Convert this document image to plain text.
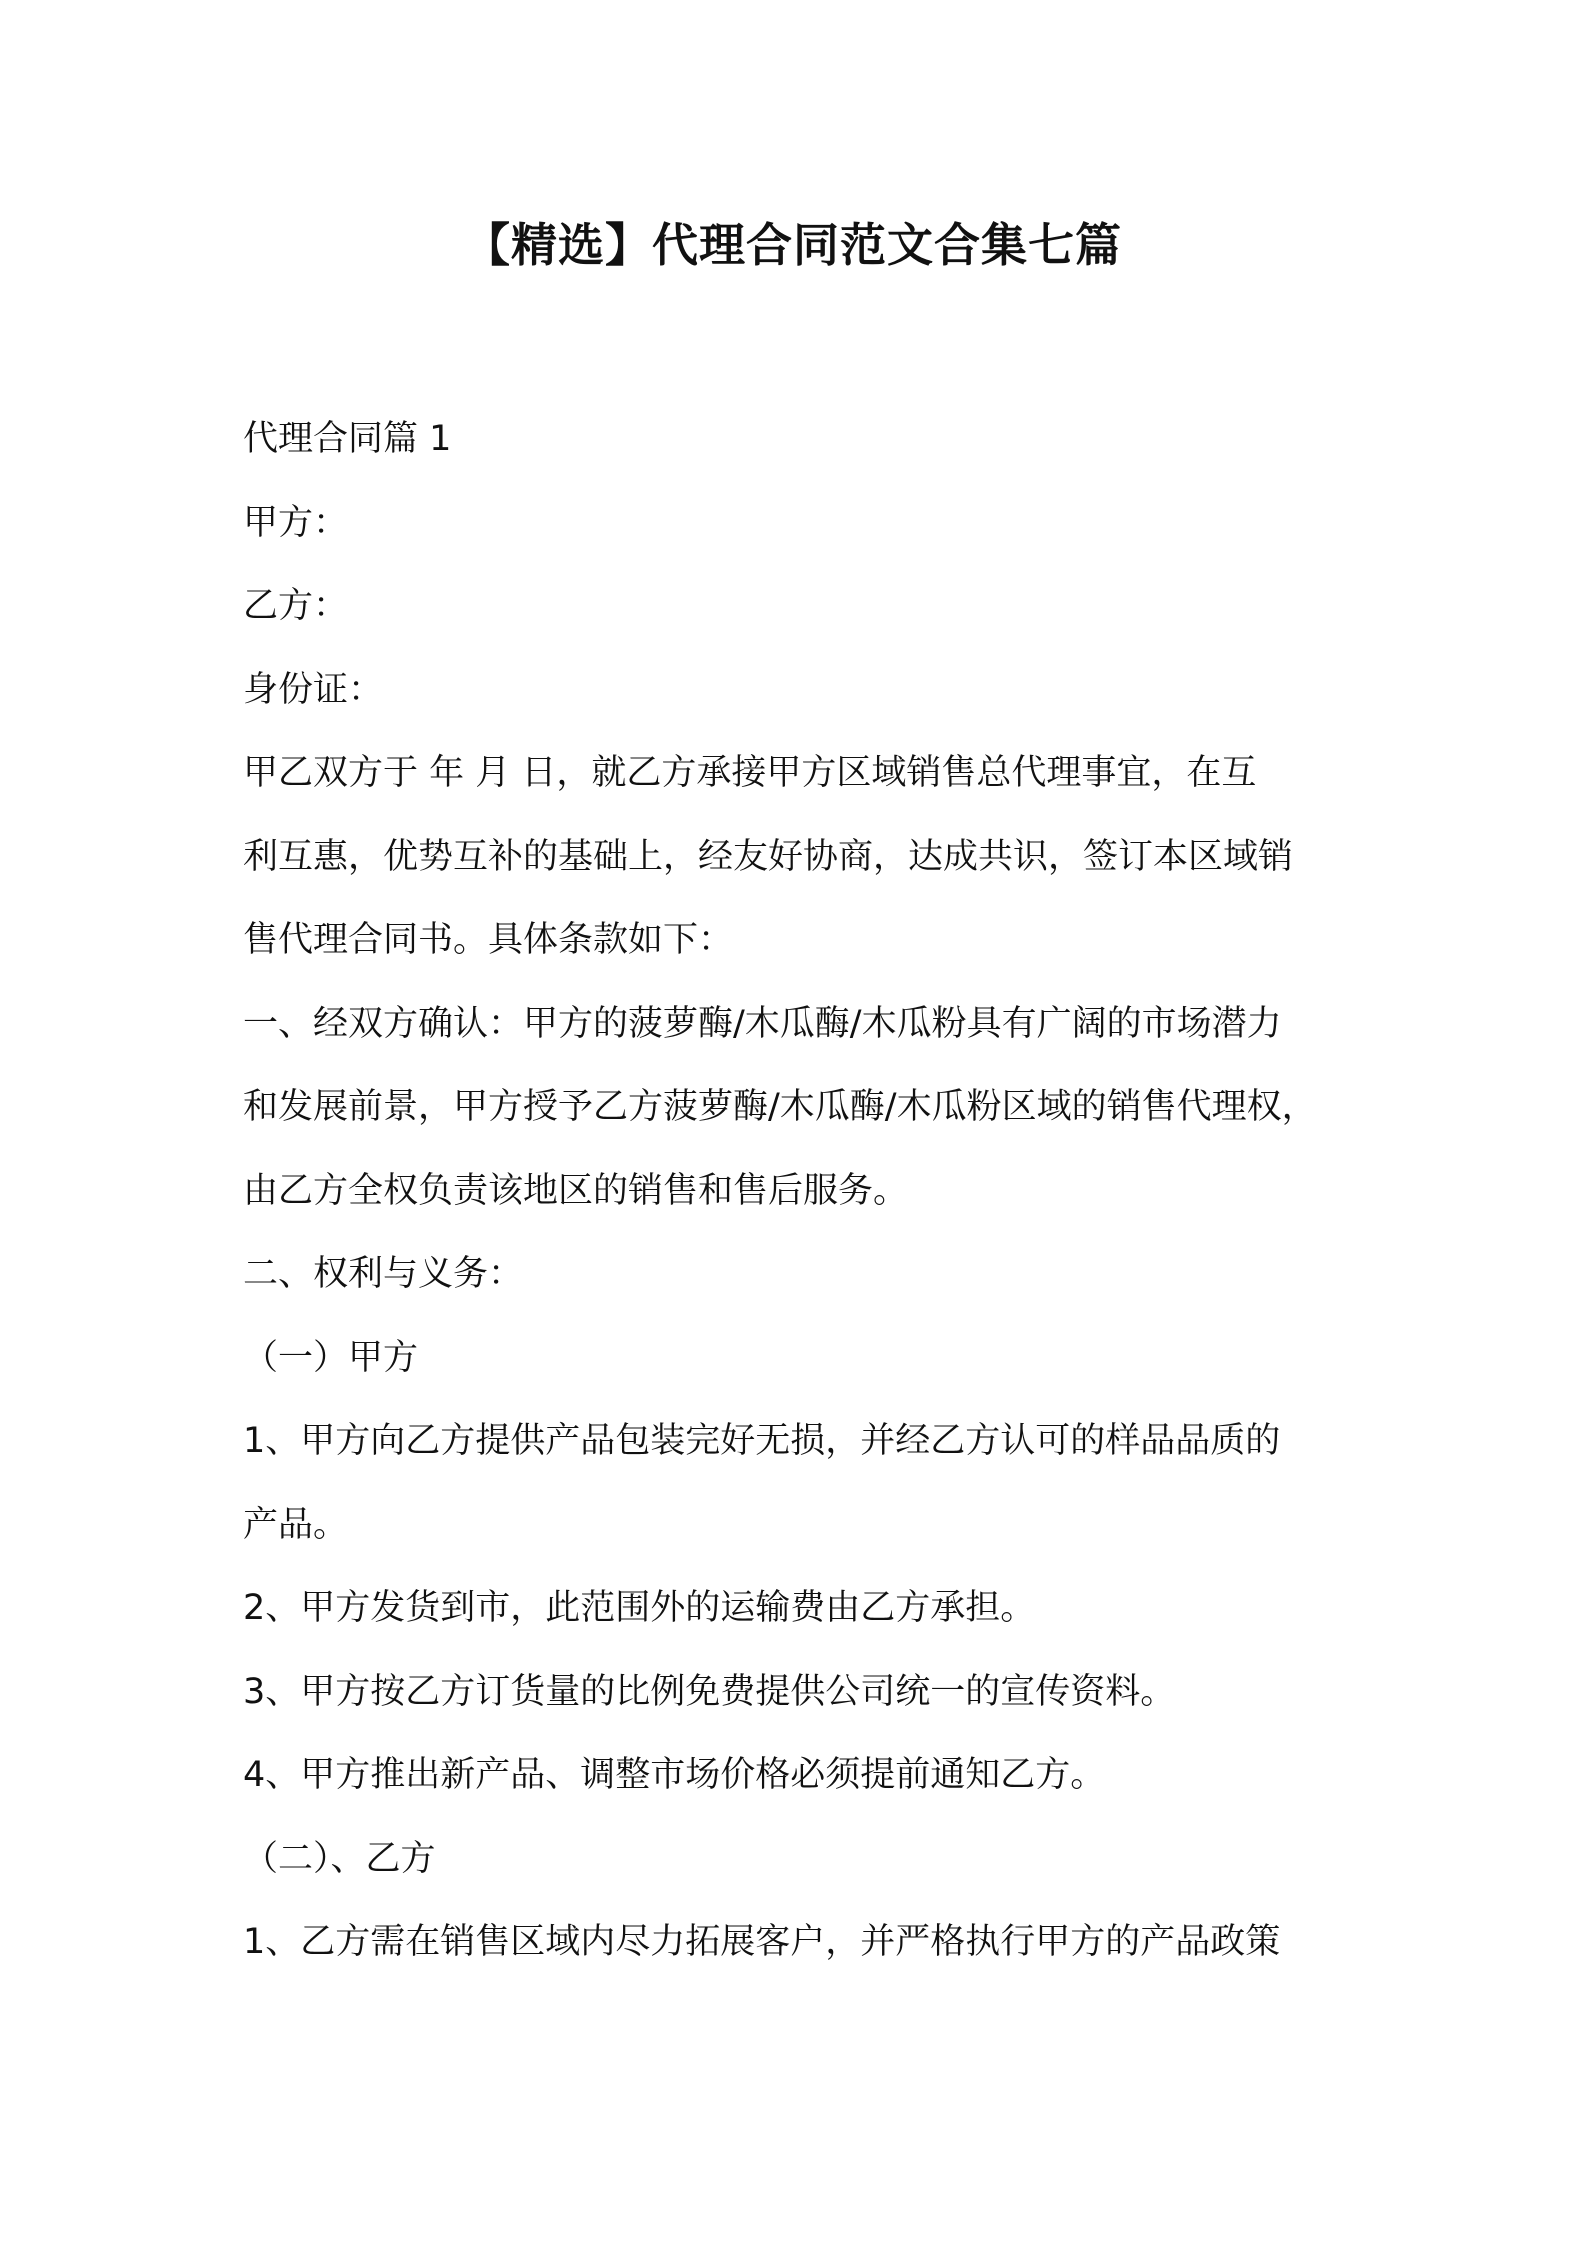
【精选】代理合同范文合集七篇
代理合同篇 1
甲方：
乙方：
身份证：
甲乙双方于 年 月 日，就乙方承接甲方区域销售总代理事宜，在互
利互惠，优势互补的基础上，经友好协商，达成共识，签订本区域销
售代理合同书。具体条款如下：
一、经双方确认：甲方的菠萝酶/木瓜酶/木瓜粉具有广阔的市场潜力
和发展前景，甲方授予乙方菠萝酶/木瓜酶/木瓜粉区域的销售代理权，
由乙方全权负责该地区的销售和售后服务。
二、权利与义务：
（一）甲方
1、甲方向乙方提供产品包装完好无损，并经乙方认可的样品品质的
产品。
2、甲方发货到市，此范围外的运输费由乙方承担。
3、甲方按乙方订货量的比例免费提供公司统一的宣传资料。
4、甲方推出新产品、调整市场价格必须提前通知乙方。
（二）、乙方
1、乙方需在销售区域内尽力拓展客户，并严格执行甲方的产品政策
